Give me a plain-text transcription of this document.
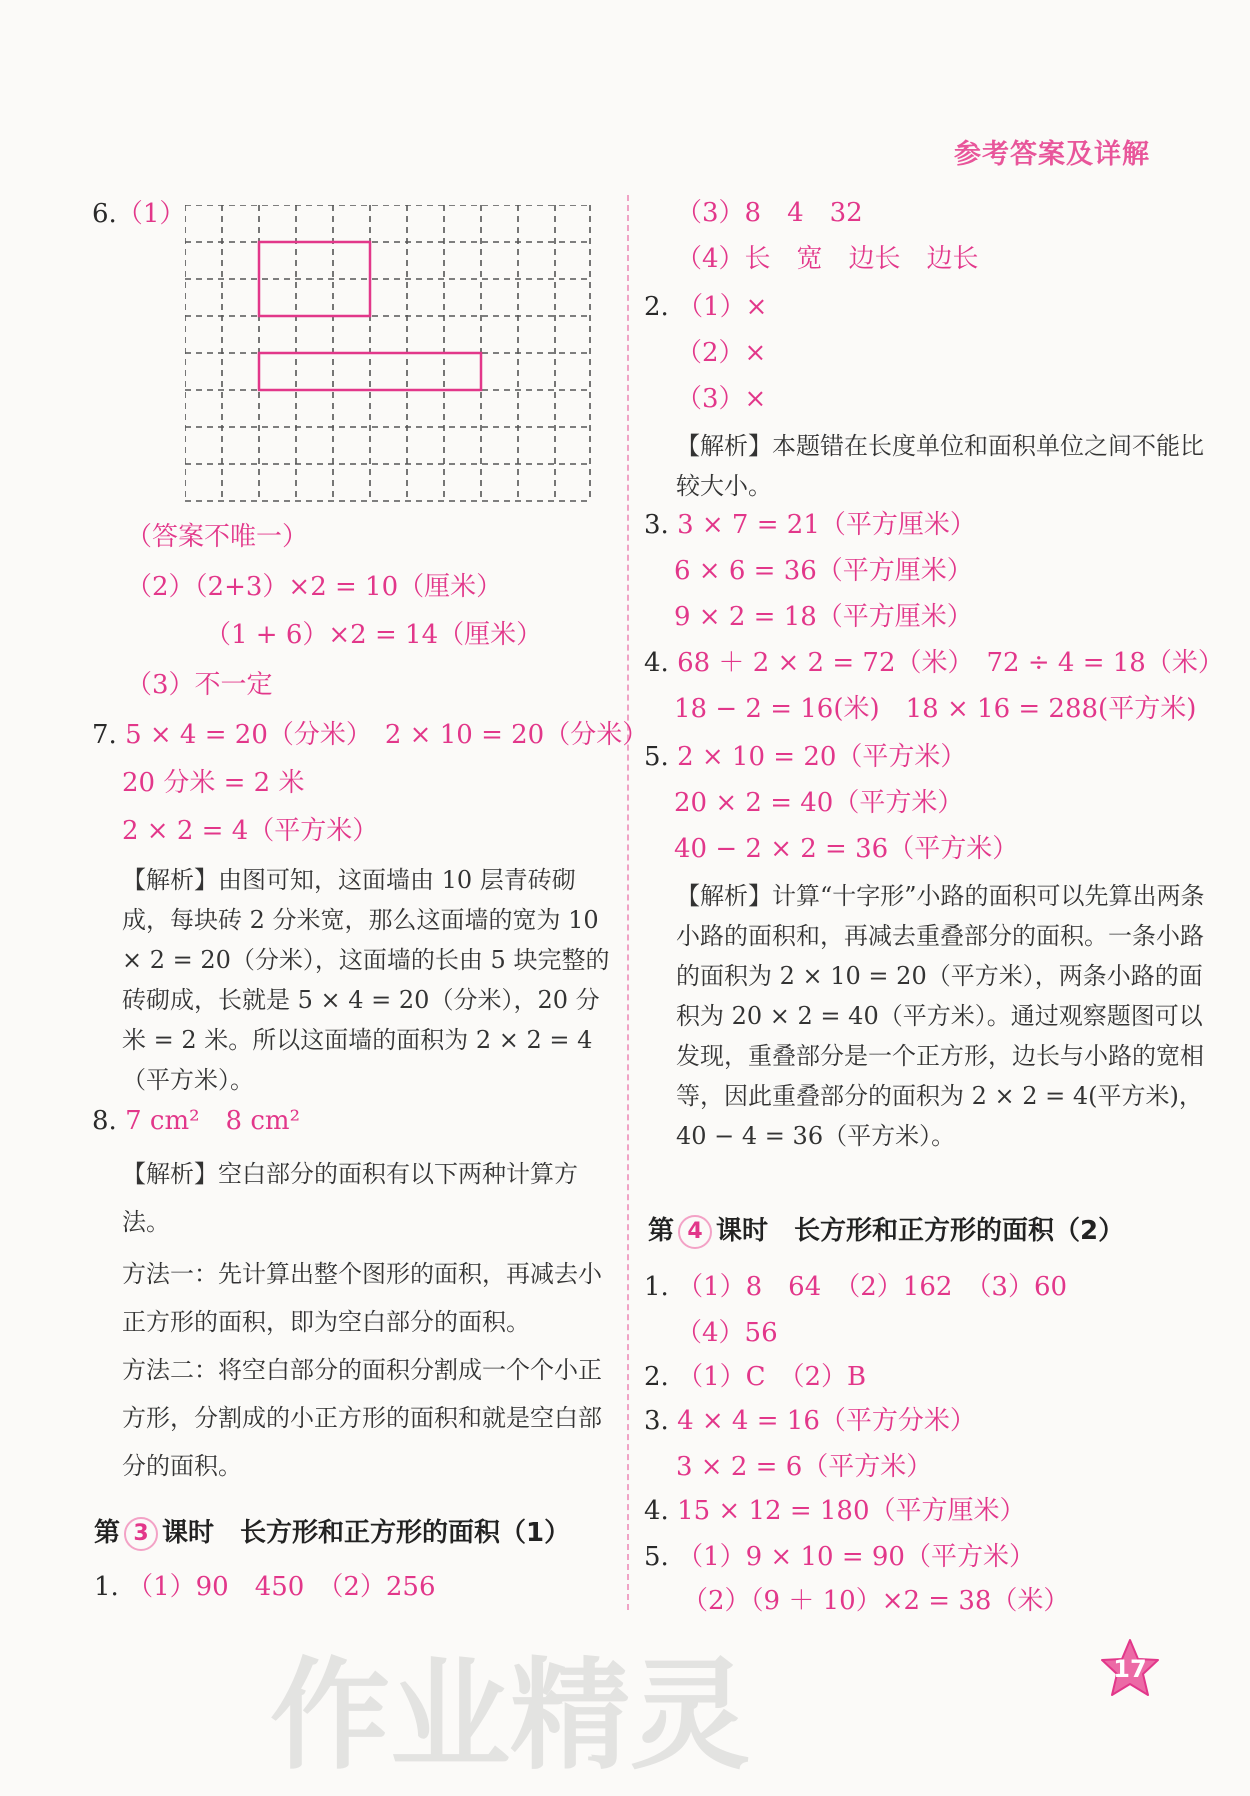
参考答案及详解
6.（1）
（答案不唯一）
（2）（2+3）×2 = 10（厘米）
（1 + 6）×2 = 14（厘米）
（3）不一定
7. 5 × 4 = 20（分米）　2 × 10 = 20（分米）
20 分米 = 2 米
2 × 2 = 4（平方米）
【解析】由图可知，这面墙由 10 层青砖砌成，每块砖 2 分米宽，那么这面墙的宽为 10 × 2 = 20（分米），这面墙的长由 5 块完整的砖砌成，长就是 5 × 4 = 20（分米），20 分米 = 2 米。所以这面墙的面积为 2 × 2 = 4（平方米）。
8. 7 cm²　 8 cm²
【解析】空白部分的面积有以下两种计算方法。
方法一：先计算出整个图形的面积，再减去小正方形的面积，即为空白部分的面积。
方法二：将空白部分的面积分割成一个个小正方形，分割成的小正方形的面积和就是空白部分的面积。
第 3 课时　长方形和正方形的面积（1）
1. （1）90　450　（2）256
（3）8　4　32
（4）长　宽　边长　边长
2. （1）×
（2）×
（3）×
【解析】本题错在长度单位和面积单位之间不能比较大小。
3. 3 × 7 = 21（平方厘米）
6 × 6 = 36（平方厘米）
9 × 2 = 18（平方厘米）
4. 68 ＋ 2 × 2 = 72（米）　72 ÷ 4 = 18（米）
18 − 2 = 16(米)　18 × 16 = 288(平方米)
5. 2 × 10 = 20（平方米）
20 × 2 = 40（平方米）
40 − 2 × 2 = 36（平方米）
【解析】计算“十字形”小路的面积可以先算出两条小路的面积和，再减去重叠部分的面积。一条小路的面积为 2 × 10 = 20（平方米），两条小路的面积为 20 × 2 = 40（平方米）。通过观察题图可以发现，重叠部分是一个正方形，边长与小路的宽相等，因此重叠部分的面积为 2 × 2 = 4(平方米)，40 − 4 = 36（平方米）。
第 4 课时　长方形和正方形的面积（2）
1. （1）8　64　（2）162　（3）60
（4）56
2. （1）C　（2）B
3. 4 × 4 = 16（平方分米）
3 × 2 = 6（平方米）
4. 15 × 12 = 180（平方厘米）
5. （1）9 × 10 = 90（平方米）
（2）（9 ＋ 10）×2 = 38（米）
作业精灵	17
